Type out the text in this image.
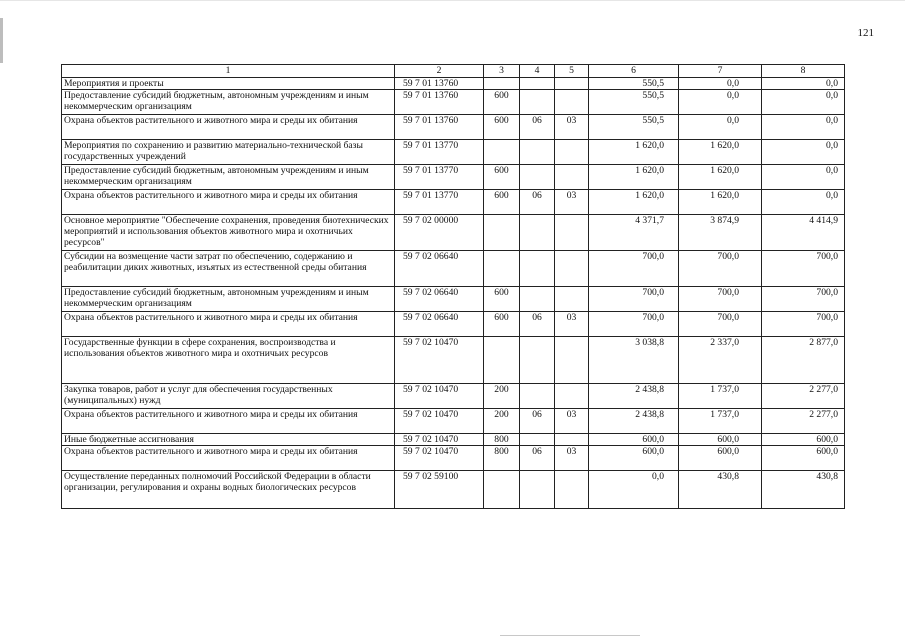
121
1	2	3	4	5	6	7	8
Мероприятия и проекты	59 7 01 13760				550,5	0,0	0,0
Предоставление субсидий бюджетным, автономным учреждениям и иным некоммерческим организациям	59 7 01 13760	600			550,5	0,0	0,0
Охрана объектов растительного и животного мира и среды их обитания	59 7 01 13760	600	06	03	550,5	0,0	0,0
Мероприятия по сохранению и развитию материально-технической базы государственных учреждений	59 7 01 13770				1 620,0	1 620,0	0,0
Предоставление субсидий бюджетным, автономным учреждениям и иным некоммерческим организациям	59 7 01 13770	600			1 620,0	1 620,0	0,0
Охрана объектов растительного и животного мира и среды их обитания	59 7 01 13770	600	06	03	1 620,0	1 620,0	0,0
Основное мероприятие "Обеспечение сохранения, проведения биотехнических мероприятий и использования объектов животного мира и охотничьих ресурсов"	59 7 02 00000				4 371,7	3 874,9	4 414,9
Субсидии на возмещение части затрат по обеспечению, содержанию и реабилитации диких животных, изъятых из естественной среды обитания	59 7 02 06640				700,0	700,0	700,0
Предоставление субсидий бюджетным, автономным учреждениям и иным некоммерческим организациям	59 7 02 06640	600			700,0	700,0	700,0
Охрана объектов растительного и животного мира и среды их обитания	59 7 02 06640	600	06	03	700,0	700,0	700,0
Государственные функции в сфере сохранения, воспроизводства и использования объектов животного мира и охотничьих ресурсов	59 7 02 10470				3 038,8	2 337,0	2 877,0
Закупка товаров, работ и услуг для обеспечения государственных (муниципальных) нужд	59 7 02 10470	200			2 438,8	1 737,0	2 277,0
Охрана объектов растительного и животного мира и среды их обитания	59 7 02 10470	200	06	03	2 438,8	1 737,0	2 277,0
Иные бюджетные ассигнования	59 7 02 10470	800			600,0	600,0	600,0
Охрана объектов растительного и животного мира и среды их обитания	59 7 02 10470	800	06	03	600,0	600,0	600,0
Осуществление переданных полномочий Российской Федерации в области организации, регулирования и охраны водных биологических ресурсов	59 7 02 59100				0,0	430,8	430,8
